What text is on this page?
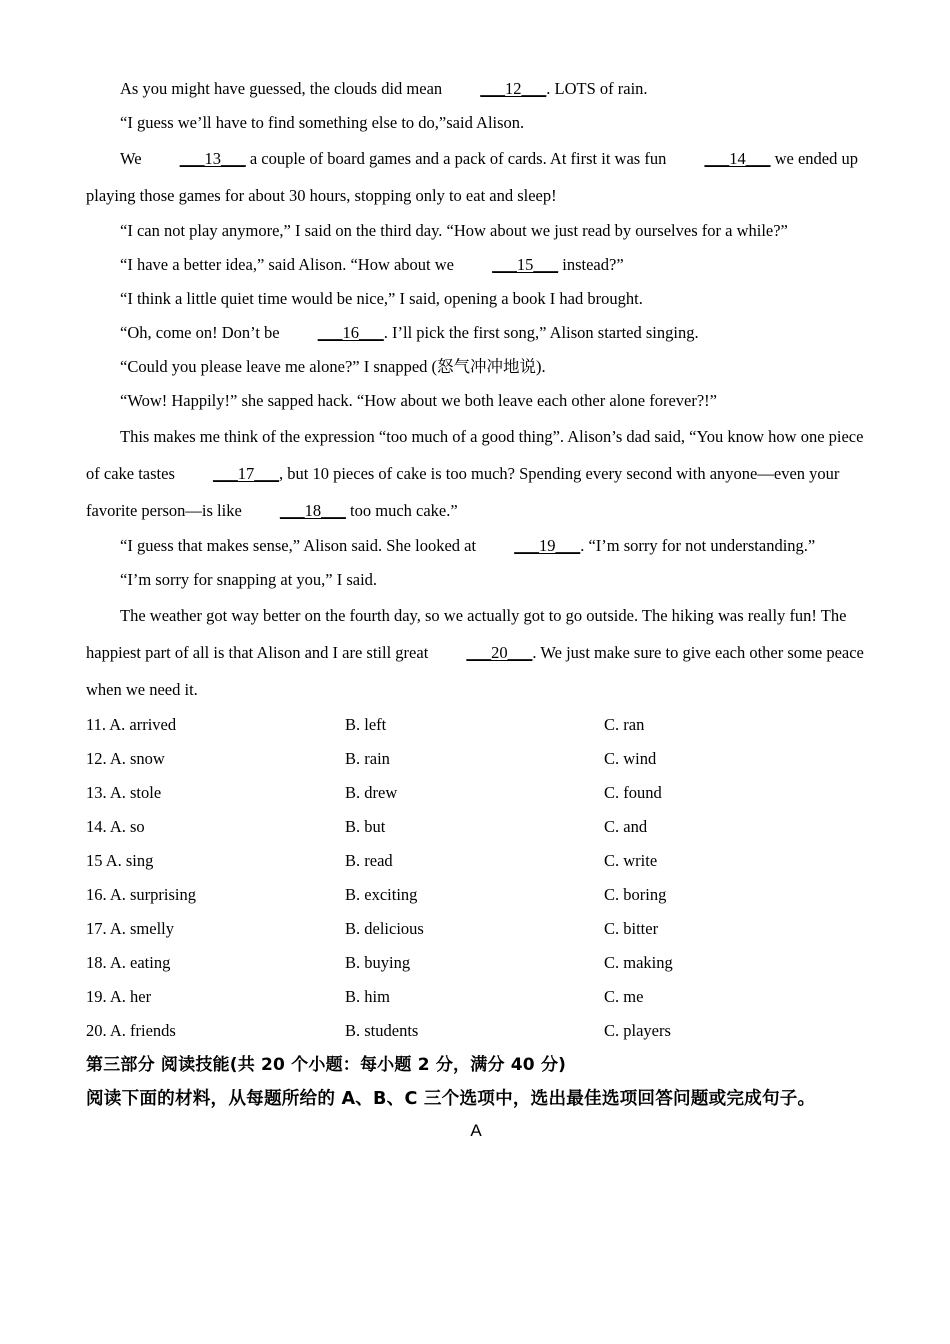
As you might have guessed, the clouds did mean ___12___. LOTS of rain.

“I guess we’ll have to find something else to do,”said Alison.

We ___13___ a couple of board games and a pack of cards. At first it was fun ___14___ we ended up playing those games for about 30 hours, stopping only to eat and sleep!

“I can not play anymore,” I said on the third day. “How about we just read by ourselves for a while?”

“I have a better idea,” said Alison. “How about we ___15___ instead?”

“I think a little quiet time would be nice,” I said, opening a book I had brought.

“Oh, come on! Don’t be ___16___. I’ll pick the first song,” Alison started singing.

“Could you please leave me alone?” I snapped (怒气冲冲地说).

“Wow! Happily!” she sapped hack. “How about we both leave each other alone forever?!”

This makes me think of the expression “too much of a good thing”. Alison’s dad said, “You know how one piece of cake tastes ___17___, but 10 pieces of cake is too much? Spending every second with anyone—even your favorite person—is like ___18___ too much cake.”

“I guess that makes sense,” Alison said. She looked at ___19___. “I’m sorry for not understanding.”

“I’m sorry for snapping at you,” I said.

The weather got way better on the fourth day, so we actually got to go outside. The hiking was really fun! The happiest part of all is that Alison and I are still great ___20___. We just make sure to give each other some peace when we need it.

11. A. arrived	B. left	C. ran
12. A. snow	B. rain	C. wind
13. A. stole	B. drew	C. found
14. A. so	B. but	C. and
15 A. sing	B. read	C. write
16. A. surprising	B. exciting	C. boring
17. A. smelly	B. delicious	C. bitter
18. A. eating	B. buying	C. making
19. A. her	B. him	C. me
20. A. friends	B. students	C. players

第三部分 阅读技能(共 20 个小题：每小题 2 分，满分 40 分)

阅读下面的材料，从每题所给的 A、B、C 三个选项中，选出最佳选项回答问题或完成句子。

A
